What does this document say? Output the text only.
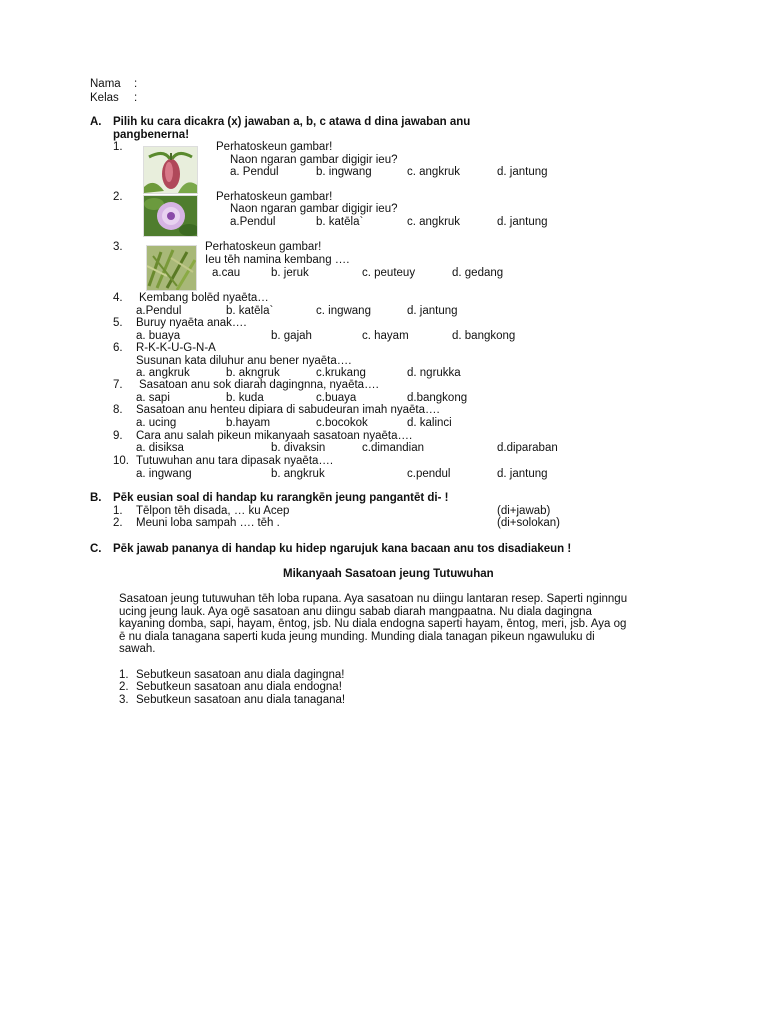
Nama :
Kelas :
A. Pilih ku cara dicakra (x) jawaban a, b, c atawa d dina jawaban anu
pangbenerna!
1.	Perhatoskeun gambar!
Naon ngaran gambar digigir ieu?
a. Pendul	b. ingwang	c. angkruk	d. jantung
2.	Perhatoskeun gambar!
Naon ngaran gambar digigir ieu?
a.Pendul	b. katēla`	c. angkruk	d. jantung
3.	Perhatoskeun gambar!
Ieu tēh namina kembang ….
a.cau	b. jeruk	c. peuteuy	d. gedang
4. Kembang bolēd nyaēta…
a.Pendul	b. katēla`	c. ingwang	d. jantung
5. Buruy nyaēta anak….
a. buaya	b. gajah	c. hayam	d. bangkong
6. R-K-K-U-G-N-A
Susunan kata diluhur anu bener nyaēta….
a. angkruk	b. akngruk	c.krukang	d. ngrukka
7. Sasatoan anu sok diarah dagingnna, nyaēta….
a. sapi	b. kuda	c.buaya	d.bangkong
8. Sasatoan anu henteu dipiara di sabudeuran imah nyaēta….
a. ucing	b.hayam	c.bocokok	d. kalinci
9. Cara anu salah pikeun mikanyaah sasatoan nyaēta….
a. disiksa	b. divaksin	c.dimandian	d.diparaban
10. Tutuwuhan anu tara dipasak nyaēta….
a. ingwang	b. angkruk	c.pendul	d. jantung
B. Pēk eusian soal di handap ku rarangkēn jeung pangantēt di- !
1. Tēlpon tēh disada, … ku Acep	(di+jawab)
2. Meuni loba sampah …. tēh .	(di+solokan)
C. Pēk jawab pananya di handap ku hidep ngarujuk kana bacaan anu tos disadiakeun !
Mikanyaah Sasatoan jeung Tutuwuhan
Sasatoan jeung tutuwuhan tēh loba rupana. Aya sasatoan nu diingu lantaran resep. Saperti nginngu
ucing jeung lauk. Aya ogē sasatoan anu diingu sabab diarah mangpaatna. Nu diala dagingna
kayaning domba, sapi, hayam, ēntog, jsb. Nu diala endogna saperti hayam, ēntog, meri, jsb. Aya og
ē nu diala tanagana saperti kuda jeung munding. Munding diala tanagan pikeun ngawuluku di
sawah.
1. Sebutkeun sasatoan anu diala dagingna!
2. Sebutkeun sasatoan anu diala endogna!
3. Sebutkeun sasatoan anu diala tanagana!
